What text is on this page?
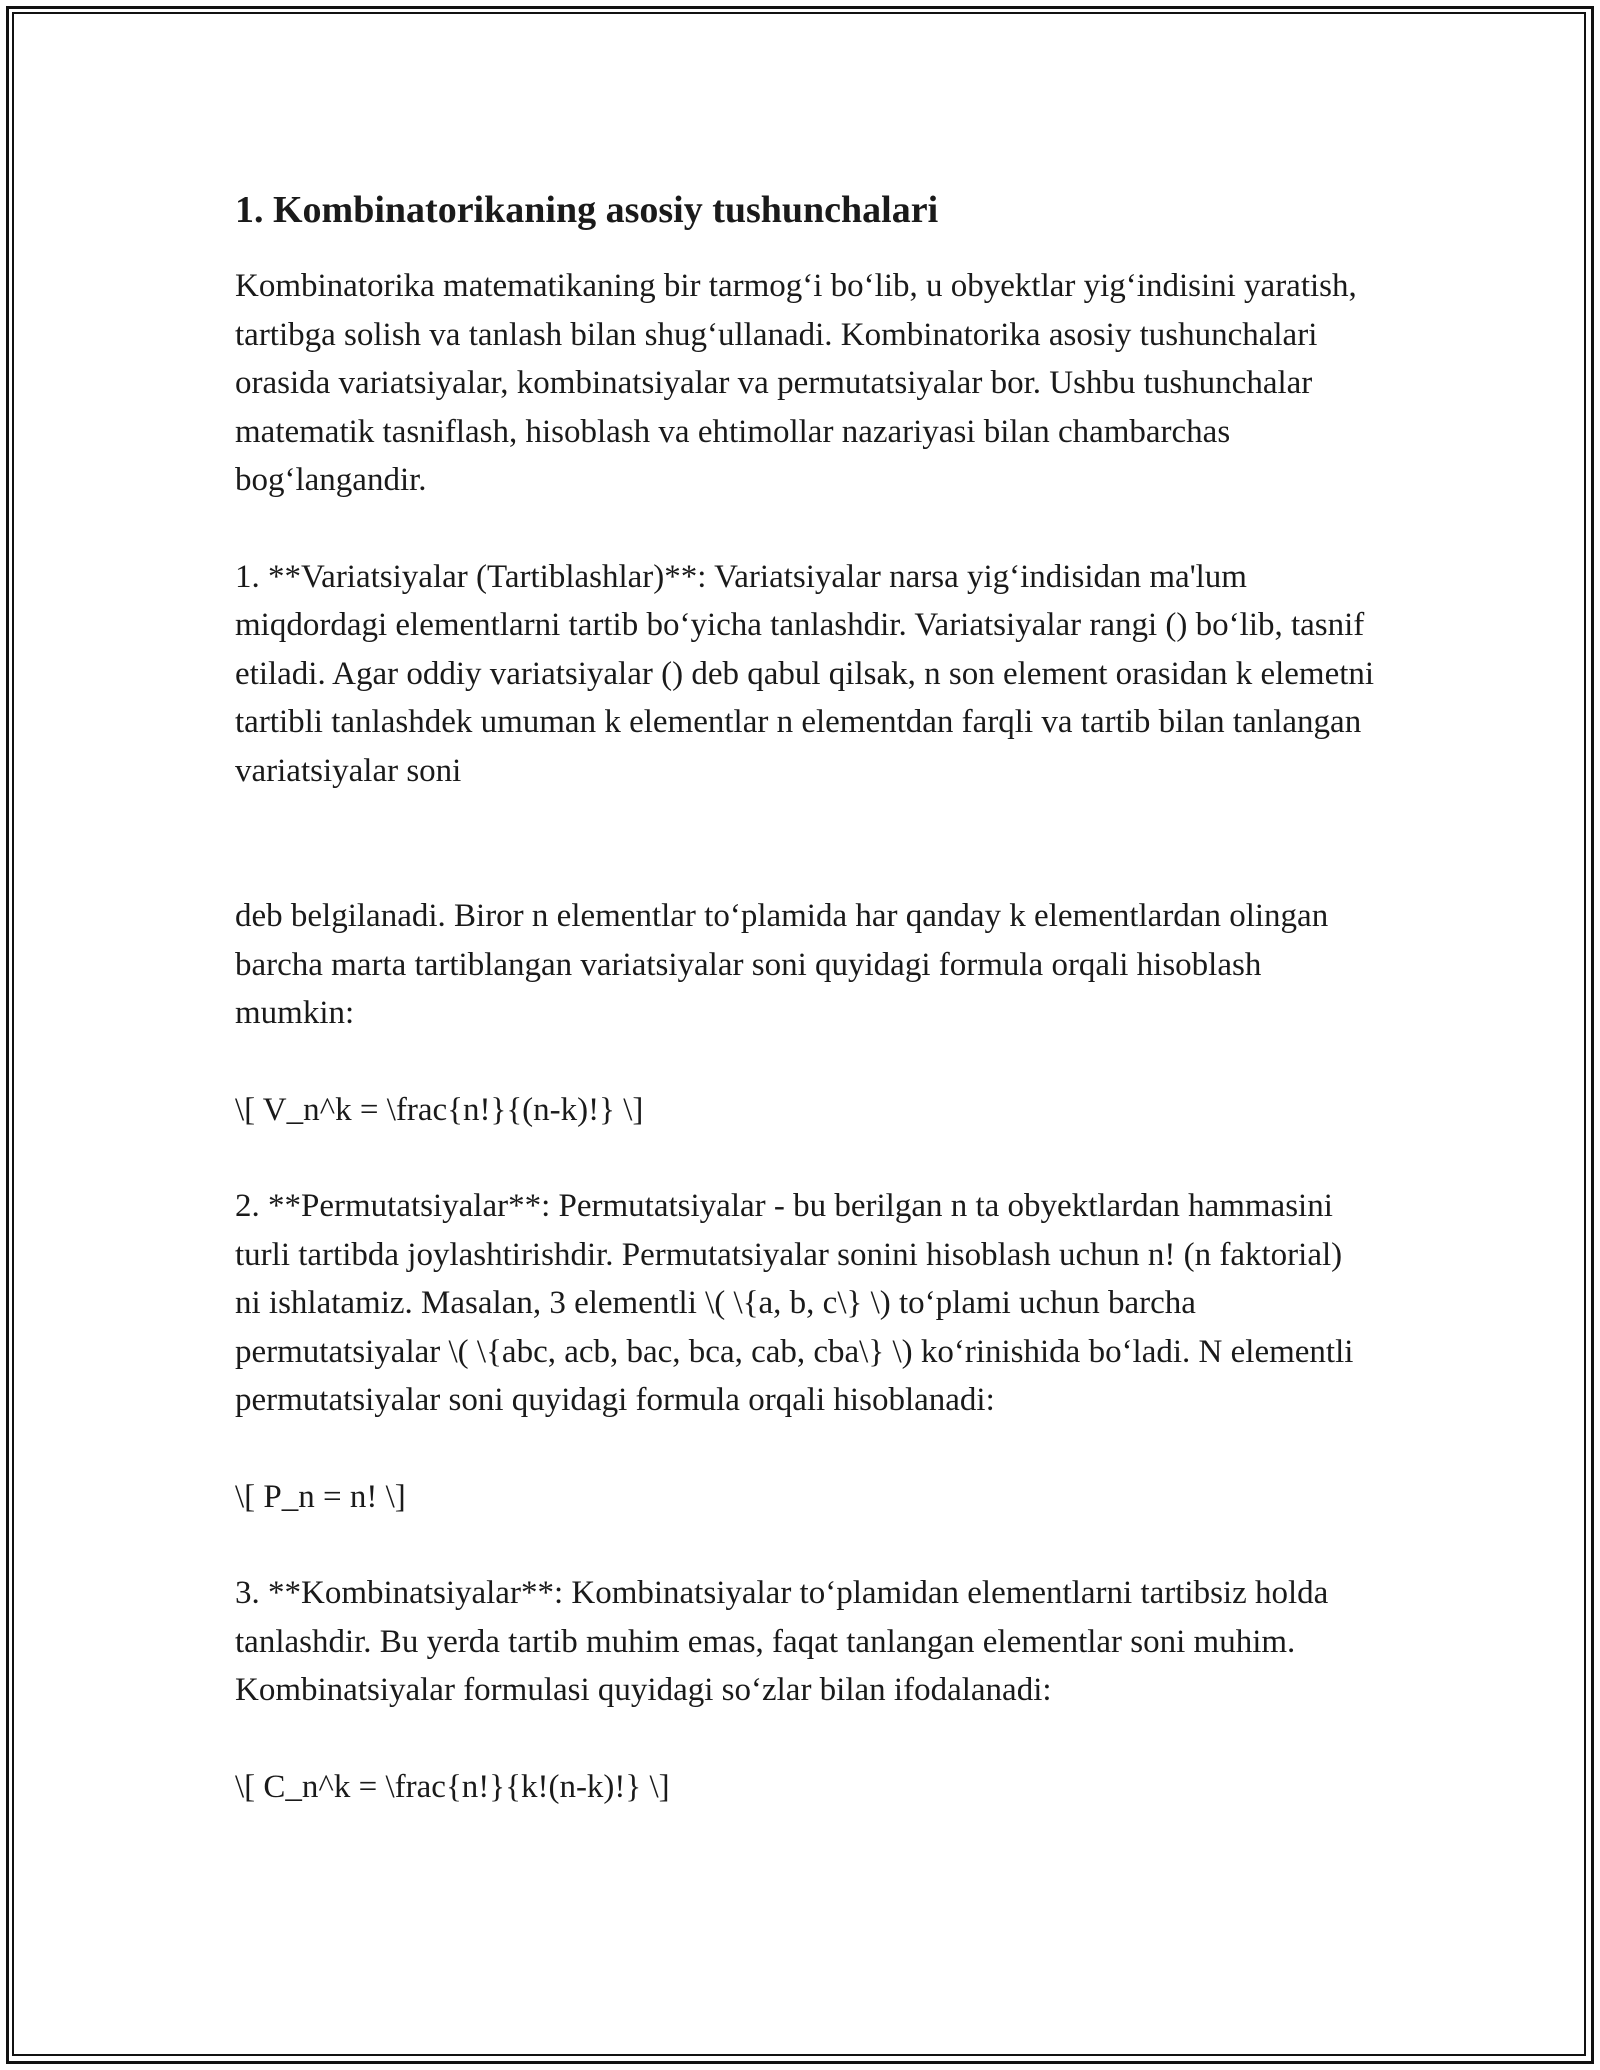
1. Kombinatorikaning asosiy tushunchalari

Kombinatorika matematikaning bir tarmog‘i bo‘lib, u obyektlar yig‘indisini yaratish, tartibga solish va tanlash bilan shug‘ullanadi. Kombinatorika asosiy tushunchalari orasida variatsiyalar, kombinatsiyalar va permutatsiyalar bor. Ushbu tushunchalar matematik tasniflash, hisoblash va ehtimollar nazariyasi bilan chambarchas bog‘langandir.

1. **Variatsiyalar (Tartiblashlar)**: Variatsiyalar narsa yig‘indisidan ma'lum miqdordagi elementlarni tartib bo‘yicha tanlashdir. Variatsiyalar rangi () bo‘lib, tasnif etiladi. Agar oddiy variatsiyalar () deb qabul qilsak, n son element orasidan k elemetni tartibli tanlashdek umuman k elementlar n elementdan farqli va tartib bilan tanlangan variatsiyalar soni

deb belgilanadi. Biror n elementlar to‘plamida har qanday k elementlardan olingan barcha marta tartiblangan variatsiyalar soni quyidagi formula orqali hisoblash mumkin:

\[ V_n^k = \frac{n!}{(n-k)!} \]

2. **Permutatsiyalar**: Permutatsiyalar - bu berilgan n ta obyektlardan hammasini turli tartibda joylashtirishdir. Permutatsiyalar sonini hisoblash uchun n! (n faktorial) ni ishlatamiz. Masalan, 3 elementli \( \{a, b, c\} \) to‘plami uchun barcha permutatsiyalar \( \{abc, acb, bac, bca, cab, cba\} \) ko‘rinishida bo‘ladi. N elementli permutatsiyalar soni quyidagi formula orqali hisoblanadi:

\[ P_n = n! \]

3. **Kombinatsiyalar**: Kombinatsiyalar to‘plamidan elementlarni tartibsiz holda tanlashdir. Bu yerda tartib muhim emas, faqat tanlangan elementlar soni muhim. Kombinatsiyalar formulasi quyidagi so‘zlar bilan ifodalanadi:

\[ C_n^k = \frac{n!}{k!(n-k)!} \]
